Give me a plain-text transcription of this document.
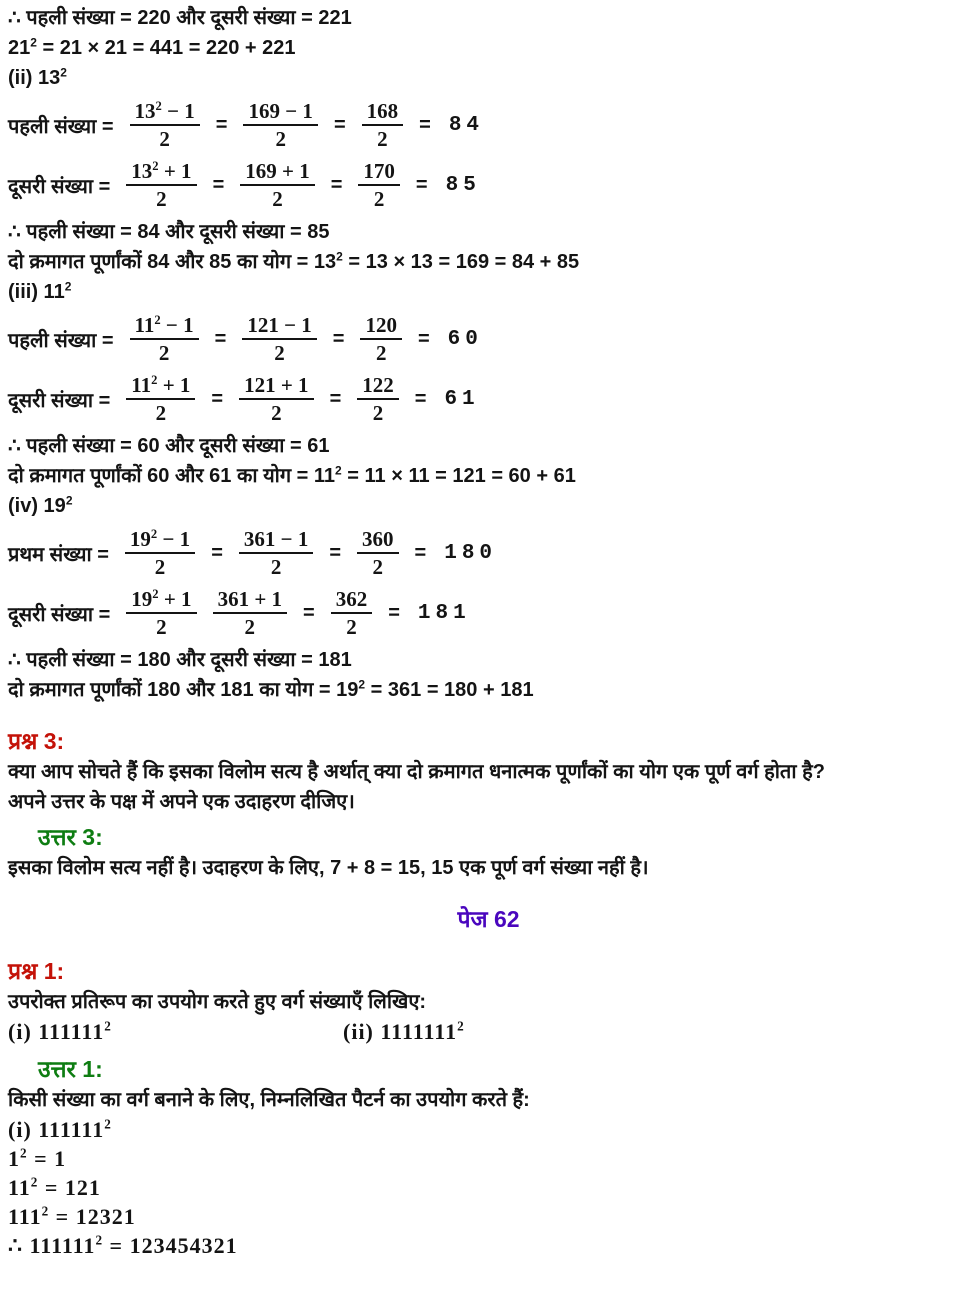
∴ पहली संख्या = 220 और दूसरी संख्या = 221
$21^2 = 21 \times 21 = 441 = 220 + 221$
(ii) $13^2$
पहली संख्या = $\frac{13^2 - 1}{2} = \frac{169 - 1}{2} = \frac{168}{2} = 84$
दूसरी संख्या = $\frac{13^2 + 1}{2} = \frac{169 + 1}{2} = \frac{170}{2} = 85$
∴ पहली संख्या = 84 और दूसरी संख्या = 85
दो क्रमागत पूर्णांकों 84 और 85 का योग = $13^2 = 13 \times 13 = 169 = 84 + 85$
(iii) $11^2$
पहली संख्या = $\frac{11^2 - 1}{2} = \frac{121 - 1}{2} = \frac{120}{2} = 60$
दूसरी संख्या = $\frac{11^2 + 1}{2} = \frac{121 + 1}{2} = \frac{122}{2} = 61$
∴ पहली संख्या = 60 और दूसरी संख्या = 61
दो क्रमागत पूर्णांकों 60 और 61 का योग = $11^2 = 11 \times 11 = 121 = 60 + 61$
(iv) $19^2$
प्रथम संख्या = $\frac{19^2 - 1}{2} = \frac{361 - 1}{2} = \frac{360}{2} = 180$
दूसरी संख्या = $\frac{19^2 + 1}{2} \frac{361 + 1}{2} = \frac{362}{2} = 181$
∴ पहली संख्या = 180 और दूसरी संख्या = 181
दो क्रमागत पूर्णांकों 180 और 181 का योग = $19^2 = 361 = 180 + 181$
प्रश्न 3:
क्या आप सोचते हैं कि इसका विलोम सत्य है अर्थात् क्या दो क्रमागत धनात्मक पूर्णांकों का योग एक पूर्ण वर्ग होता है?
अपने उत्तर के पक्ष में अपने एक उदाहरण दीजिए।
उत्तर 3:
इसका विलोम सत्य नहीं है। उदाहरण के लिए, 7 + 8 = 15, 15 एक पूर्ण वर्ग संख्या नहीं है।
पेज 62
प्रश्न 1:
उपरोक्त प्रतिरूप का उपयोग करते हुए वर्ग संख्याएँ लिखिए:
(i) 111111$^2$	(ii) 1111111$^2$
उत्तर 1:
किसी संख्या का वर्ग बनाने के लिए, निम्नलिखित पैटर्न का उपयोग करते हैं:
(i) 111111$^2$
$1^2 = 1$
$11^2 = 121$
$111^2 = 12321$
∴ $111111^2 = 123454321$
